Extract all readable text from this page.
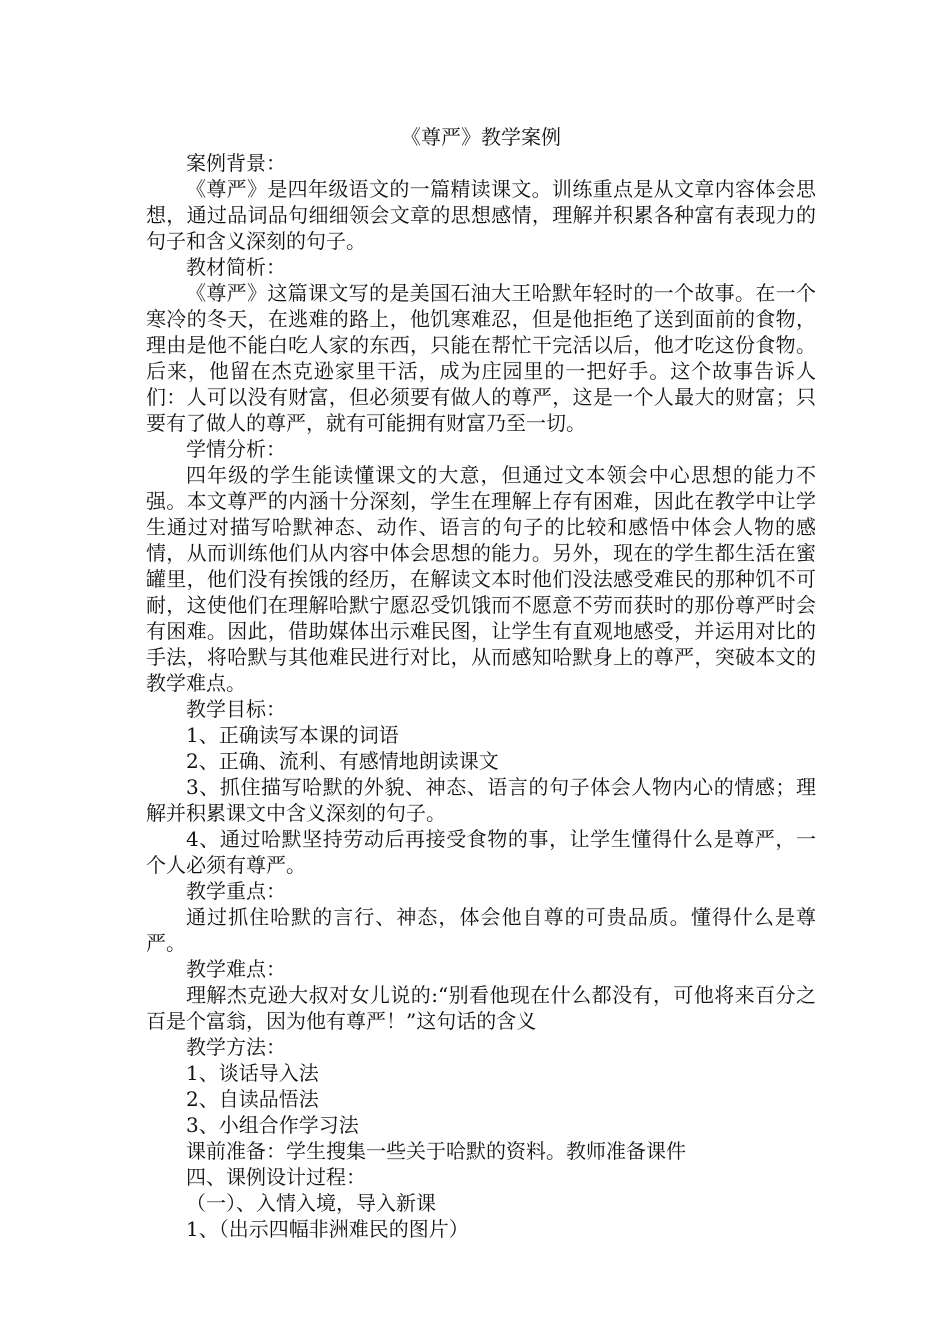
《尊严》教学案例

案例背景：

《尊严》是四年级语文的一篇精读课文。训练重点是从文章内容体会思想，通过品词品句细细领会文章的思想感情，理解并积累各种富有表现力的句子和含义深刻的句子。

教材简析：

《尊严》这篇课文写的是美国石油大王哈默年轻时的一个故事。在一个寒冷的冬天，在逃难的路上，他饥寒难忍，但是他拒绝了送到面前的食物，理由是他不能白吃人家的东西，只能在帮忙干完活以后，他才吃这份食物。后来，他留在杰克逊家里干活，成为庄园里的一把好手。这个故事告诉人们：人可以没有财富，但必须要有做人的尊严，这是一个人最大的财富；只要有了做人的尊严，就有可能拥有财富乃至一切。

学情分析：

四年级的学生能读懂课文的大意，但通过文本领会中心思想的能力不强。本文尊严的内涵十分深刻，学生在理解上存有困难，因此在教学中让学生通过对描写哈默神态、动作、语言的句子的比较和感悟中体会人物的感情，从而训练他们从内容中体会思想的能力。另外，现在的学生都生活在蜜罐里，他们没有挨饿的经历，在解读文本时他们没法感受难民的那种饥不可耐，这使他们在理解哈默宁愿忍受饥饿而不愿意不劳而获时的那份尊严时会有困难。因此，借助媒体出示难民图，让学生有直观地感受，并运用对比的手法，将哈默与其他难民进行对比，从而感知哈默身上的尊严，突破本文的教学难点。

教学目标：

1、正确读写本课的词语

2、正确、流利、有感情地朗读课文

3、抓住描写哈默的外貌、神态、语言的句子体会人物内心的情感；理解并积累课文中含义深刻的句子。

4、通过哈默坚持劳动后再接受食物的事，让学生懂得什么是尊严，一个人必须有尊严。

教学重点：

通过抓住哈默的言行、神态，体会他自尊的可贵品质。懂得什么是尊严。

教学难点：

理解杰克逊大叔对女儿说的:“别看他现在什么都没有，可他将来百分之百是个富翁，因为他有尊严！”这句话的含义

教学方法：

1、谈话导入法

2、自读品悟法

3、小组合作学习法

课前准备：学生搜集一些关于哈默的资料。教师准备课件

四、课例设计过程：

（一）、入情入境，导入新课

1、（出示四幅非洲难民的图片）
